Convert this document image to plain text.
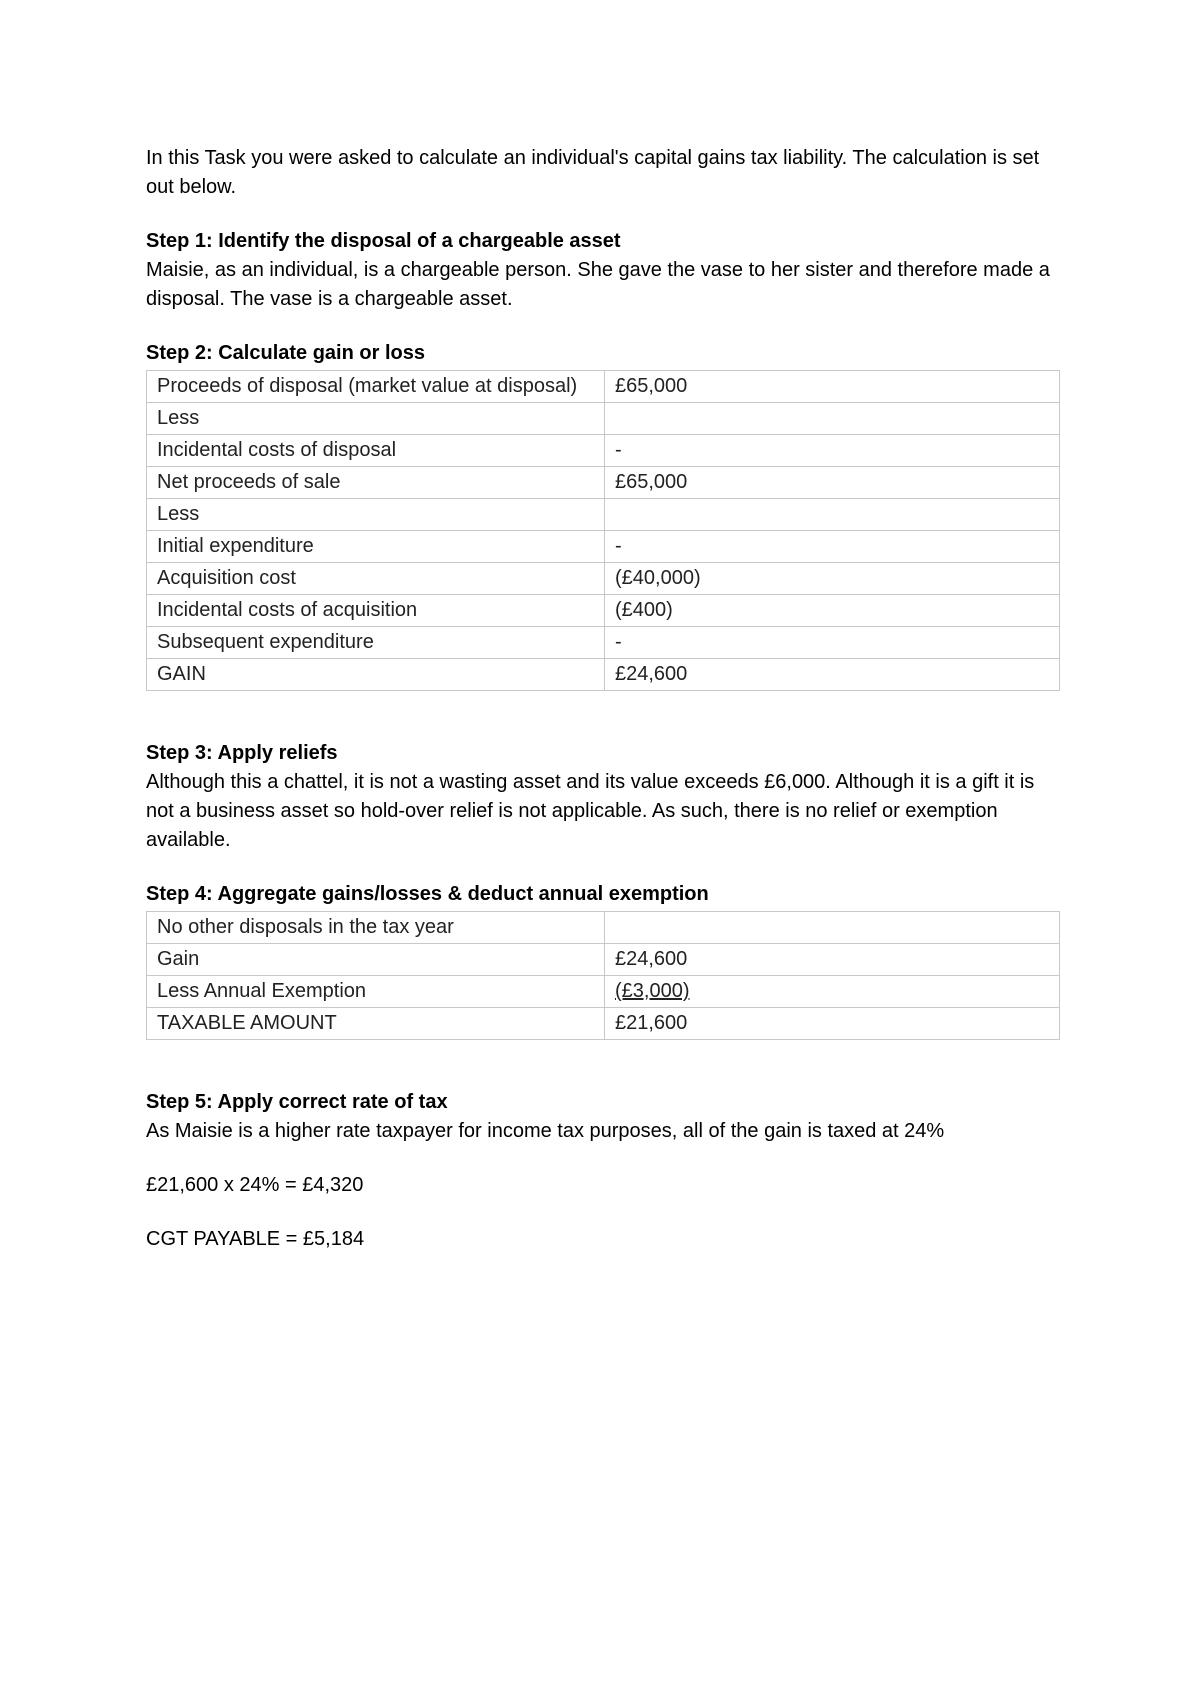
In this Task you were asked to calculate an individual's capital gains tax liability. The calculation is set out below.

Step 1: Identify the disposal of a chargeable asset

Maisie, as an individual, is a chargeable person. She gave the vase to her sister and therefore made a disposal. The vase is a chargeable asset.

Step 2: Calculate gain or loss

Proceeds of disposal (market value at disposal)	£65,000
Less	
Incidental costs of disposal	-
Net proceeds of sale	£65,000
Less	
Initial expenditure	-
Acquisition cost	(£40,000)
Incidental costs of acquisition	(£400)
Subsequent expenditure	-
GAIN	£24,600

Step 3: Apply reliefs

Although this a chattel, it is not a wasting asset and its value exceeds £6,000. Although it is a gift it is not a business asset so hold-over relief is not applicable. As such, there is no relief or exemption available.

Step 4: Aggregate gains/losses & deduct annual exemption

No other disposals in the tax year	
Gain	£24,600
Less Annual Exemption	(£3,000)
TAXABLE AMOUNT	£21,600

Step 5: Apply correct rate of tax

As Maisie is a higher rate taxpayer for income tax purposes, all of the gain is taxed at 24%

£21,600 x 24% = £4,320

CGT PAYABLE = £5,184
